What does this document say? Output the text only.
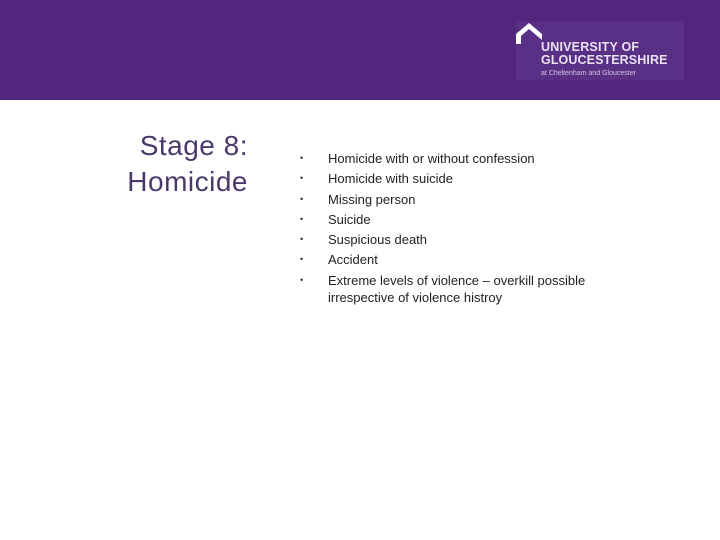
UNIVERSITY OF
GLOUCESTERSHIRE
at Cheltenham and Gloucester
Stage 8:
Homicide
• Homicide with or without confession
• Homicide with suicide
• Missing person
• Suicide
• Suspicious death
• Accident
• Extreme levels of violence – overkill possible irrespective of violence histroy
